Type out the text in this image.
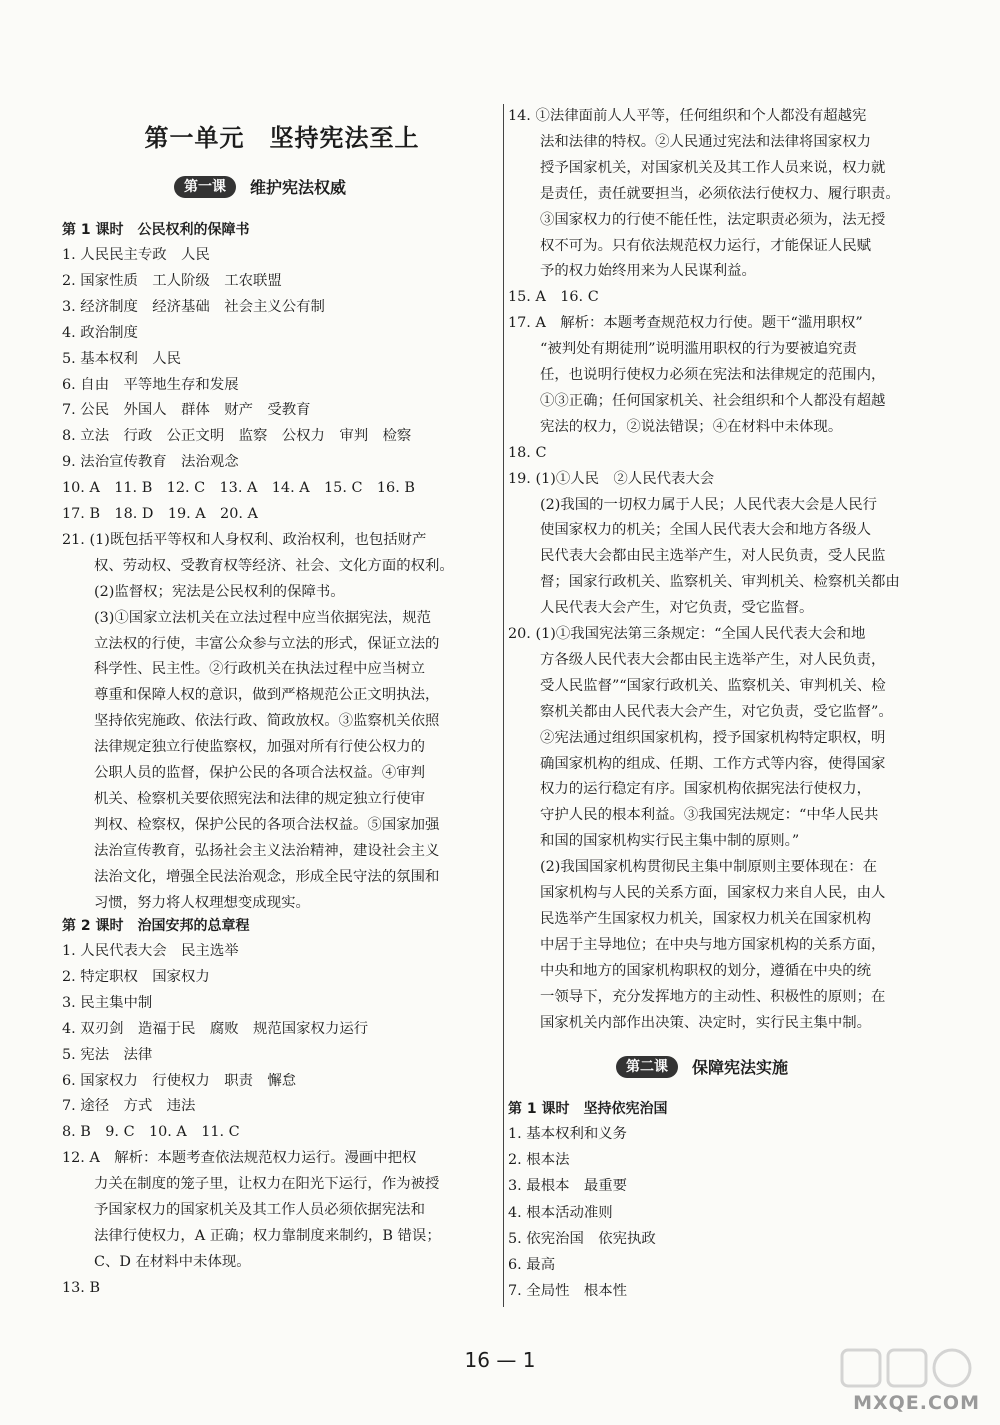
第一单元　坚持宪法至上
第一课	维护宪法权威
第 1 课时　公民权利的保障书
1. 人民民主专政　人民
2. 国家性质　工人阶级　工农联盟
3. 经济制度　经济基础　社会主义公有制
4. 政治制度
5. 基本权利　人民
6. 自由　平等地生存和发展
7. 公民　外国人　群体　财产　受教育
8. 立法　行政　公正文明　监察　公权力　审判　检察
9. 法治宣传教育　法治观念
10. A　11. B　12. C　13. A　14. A　15. C　16. B
17. B　18. D　19. A　20. A
21. (1)既包括平等权和人身权利、政治权利，也包括财产
权、劳动权、受教育权等经济、社会、文化方面的权利。
(2)监督权；宪法是公民权利的保障书。
(3)①国家立法机关在立法过程中应当依据宪法，规范
立法权的行使，丰富公众参与立法的形式，保证立法的
科学性、民主性。②行政机关在执法过程中应当树立
尊重和保障人权的意识，做到严格规范公正文明执法，
坚持依宪施政、依法行政、简政放权。③监察机关依照
法律规定独立行使监察权，加强对所有行使公权力的
公职人员的监督，保护公民的各项合法权益。④审判
机关、检察机关要依照宪法和法律的规定独立行使审
判权、检察权，保护公民的各项合法权益。⑤国家加强
法治宣传教育，弘扬社会主义法治精神，建设社会主义
法治文化，增强全民法治观念，形成全民守法的氛围和
习惯，努力将人权理想变成现实。
第 2 课时　治国安邦的总章程
1. 人民代表大会　民主选举
2. 特定职权　国家权力
3. 民主集中制
4. 双刃剑　造福于民　腐败　规范国家权力运行
5. 宪法　法律
6. 国家权力　行使权力　职责　懈怠
7. 途径　方式　违法
8. B　9. C　10. A　11. C
12. A　解析：本题考查依法规范权力运行。漫画中把权
力关在制度的笼子里，让权力在阳光下运行，作为被授
予国家权力的国家机关及其工作人员必须依据宪法和
法律行使权力，A 正确；权力靠制度来制约，B 错误；
C、D 在材料中未体现。
13. B
14. ①法律面前人人平等，任何组织和个人都没有超越宪
法和法律的特权。②人民通过宪法和法律将国家权力
授予国家机关，对国家机关及其工作人员来说，权力就
是责任，责任就要担当，必须依法行使权力、履行职责。
③国家权力的行使不能任性，法定职责必须为，法无授
权不可为。只有依法规范权力运行，才能保证人民赋
予的权力始终用来为人民谋利益。
15. A　16. C
17. A　解析：本题考查规范权力行使。题干“滥用职权”
“被判处有期徒刑”说明滥用职权的行为要被追究责
任，也说明行使权力必须在宪法和法律规定的范围内，
①③正确；任何国家机关、社会组织和个人都没有超越
宪法的权力，②说法错误；④在材料中未体现。
18. C
19. (1)①人民　②人民代表大会
(2)我国的一切权力属于人民；人民代表大会是人民行
使国家权力的机关；全国人民代表大会和地方各级人
民代表大会都由民主选举产生，对人民负责，受人民监
督；国家行政机关、监察机关、审判机关、检察机关都由
人民代表大会产生，对它负责，受它监督。
20. (1)①我国宪法第三条规定：“全国人民代表大会和地
方各级人民代表大会都由民主选举产生，对人民负责，
受人民监督”“国家行政机关、监察机关、审判机关、检
察机关都由人民代表大会产生，对它负责，受它监督”。
②宪法通过组织国家机构，授予国家机构特定职权，明
确国家机构的组成、任期、工作方式等内容，使得国家
权力的运行稳定有序。国家机构依据宪法行使权力，
守护人民的根本利益。③我国宪法规定：“中华人民共
和国的国家机构实行民主集中制的原则。”
(2)我国国家机构贯彻民主集中制原则主要体现在：在
国家机构与人民的关系方面，国家权力来自人民，由人
民选举产生国家权力机关，国家权力机关在国家机构
中居于主导地位；在中央与地方国家机构的关系方面，
中央和地方的国家机构职权的划分，遵循在中央的统
一领导下，充分发挥地方的主动性、积极性的原则；在
国家机关内部作出决策、决定时，实行民主集中制。
第二课	保障宪法实施
第 1 课时　坚持依宪治国
1. 基本权利和义务
2. 根本法
3. 最根本　最重要
4. 根本活动准则
5. 依宪治国　依宪执政
6. 最高
7. 全局性　根本性
16 — 1
MXQE.COM
